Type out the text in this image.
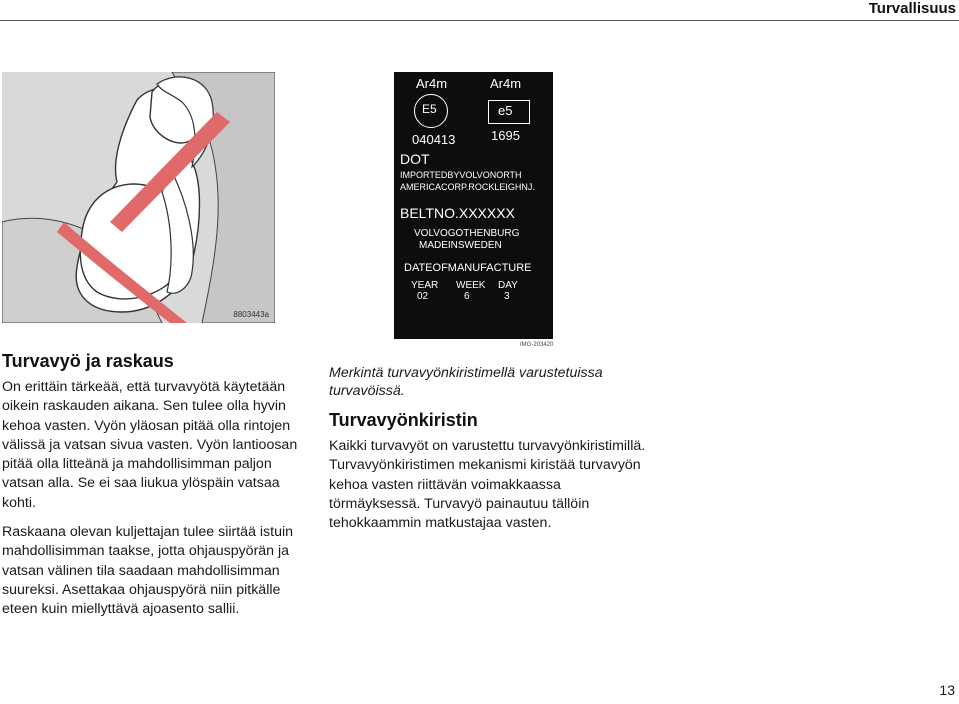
Turvallisuus
8803443a
Ar4m	Ar4m
E5	e5
040413	1695
DOT
IMPORTEDBYVOLVONORTH
AMERICACORP.ROCKLEIGHNJ.
BELTNO.XXXXXX
VOLVOGOTHENBURG
MADEINSWEDEN
DATEOFMANUFACTURE
YEAR WEEK DAY
02	6	3
IMG-203420
Turvavyö ja raskaus

On erittäin tärkeää, että turvavyötä käytetään oikein raskauden aikana. Sen tulee olla hyvin kehoa vasten. Vyön yläosan pitää olla rintojen välissä ja vatsan sivua vasten. Vyön lantioosan pitää olla litteänä ja mahdollisimman paljon vatsan alla. Se ei saa liukua ylöspäin vatsaa kohti.

Raskaana olevan kuljettajan tulee siirtää istuin mahdollisimman taakse, jotta ohjauspyörän ja vatsan välinen tila saadaan mahdollisimman suureksi. Asettakaa ohjauspyörä niin pitkälle eteen kuin miellyttävä ajoasento sallii.

Merkintä turvavyönkiristimellä varustetuissa turvavöissä.

Turvavyönkiristin

Kaikki turvavyöt on varustettu turvavyönkiristimillä. Turvavyönkiristimen mekanismi kiristää turvavyön kehoa vasten riittävän voimakkaassa törmäyksessä. Turvavyö painautuu tällöin tehokkaammin matkustajaa vasten.

13
